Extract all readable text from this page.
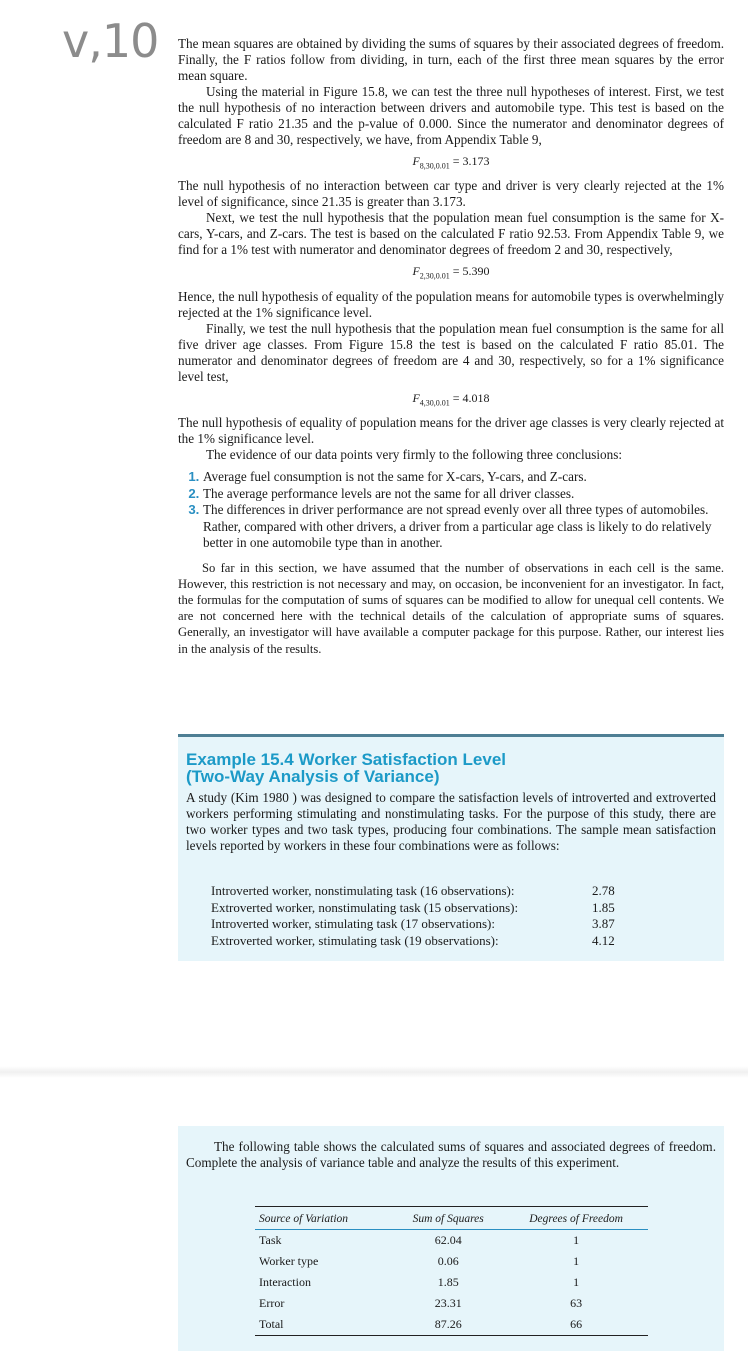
v,10 The mean squares are obtained by dividing the sums of squares by their associated degrees of freedom. Finally, the F ratios follow from dividing, in turn, each of the first three mean squares by the error mean square.

Using the material in Figure 15.8, we can test the three null hypotheses of interest. First, we test the null hypothesis of no interaction between drivers and automobile type. This test is based on the calculated F ratio 21.35 and the p-value of 0.000. Since the numerator and denominator degrees of freedom are 8 and 30, respectively, we have, from Appendix Table 9,

$F_{8,30,0.01} = 3.173$

The null hypothesis of no interaction between car type and driver is very clearly rejected at the 1% level of significance, since 21.35 is greater than 3.173.

Next, we test the null hypothesis that the population mean fuel consumption is the same for X-cars, Y-cars, and Z-cars. The test is based on the calculated F ratio 92.53. From Appendix Table 9, we find for a 1% test with numerator and denominator degrees of freedom 2 and 30, respectively,

$F_{2,30,0.01} = 5.390$

Hence, the null hypothesis of equality of the population means for automobile types is overwhelmingly rejected at the 1% significance level.

Finally, we test the null hypothesis that the population mean fuel consumption is the same for all five driver age classes. From Figure 15.8 the test is based on the calculated F ratio 85.01. The numerator and denominator degrees of freedom are 4 and 30, respectively, so for a 1% significance level test,

$F_{4,30,0.01} = 4.018$

The null hypothesis of equality of population means for the driver age classes is very clearly rejected at the 1% significance level.

The evidence of our data points very firmly to the following three conclusions:

1. Average fuel consumption is not the same for X-cars, Y-cars, and Z-cars.
2. The average performance levels are not the same for all driver classes.
3. The differences in driver performance are not spread evenly over all three types of automobiles. Rather, compared with other drivers, a driver from a particular age class is likely to do relatively better in one automobile type than in another.

So far in this section, we have assumed that the number of observations in each cell is the same. However, this restriction is not necessary and may, on occasion, be inconvenient for an investigator. In fact, the formulas for the computation of sums of squares can be modified to allow for unequal cell contents. We are not concerned here with the technical details of the calculation of appropriate sums of squares. Generally, an investigator will have available a computer package for this purpose. Rather, our interest lies in the analysis of the results.

Example 15.4 Worker Satisfaction Level
(Two-Way Analysis of Variance)

A study (Kim 1980 ) was designed to compare the satisfaction levels of introverted and extroverted workers performing stimulating and nonstimulating tasks. For the purpose of this study, there are two worker types and two task types, producing four combinations. The sample mean satisfaction levels reported by workers in these four combinations were as follows:

Introverted worker, nonstimulating task (16 observations):	2.78
Extroverted worker, nonstimulating task (15 observations):	1.85
Introverted worker, stimulating task (17 observations):	3.87
Extroverted worker, stimulating task (19 observations):	4.12

The following table shows the calculated sums of squares and associated degrees of freedom. Complete the analysis of variance table and analyze the results of this experiment.

Source of Variation	Sum of Squares	Degrees of Freedom
Task	62.04	1
Worker type	0.06	1
Interaction	1.85	1
Error	23.31	63
Total	87.26	66
